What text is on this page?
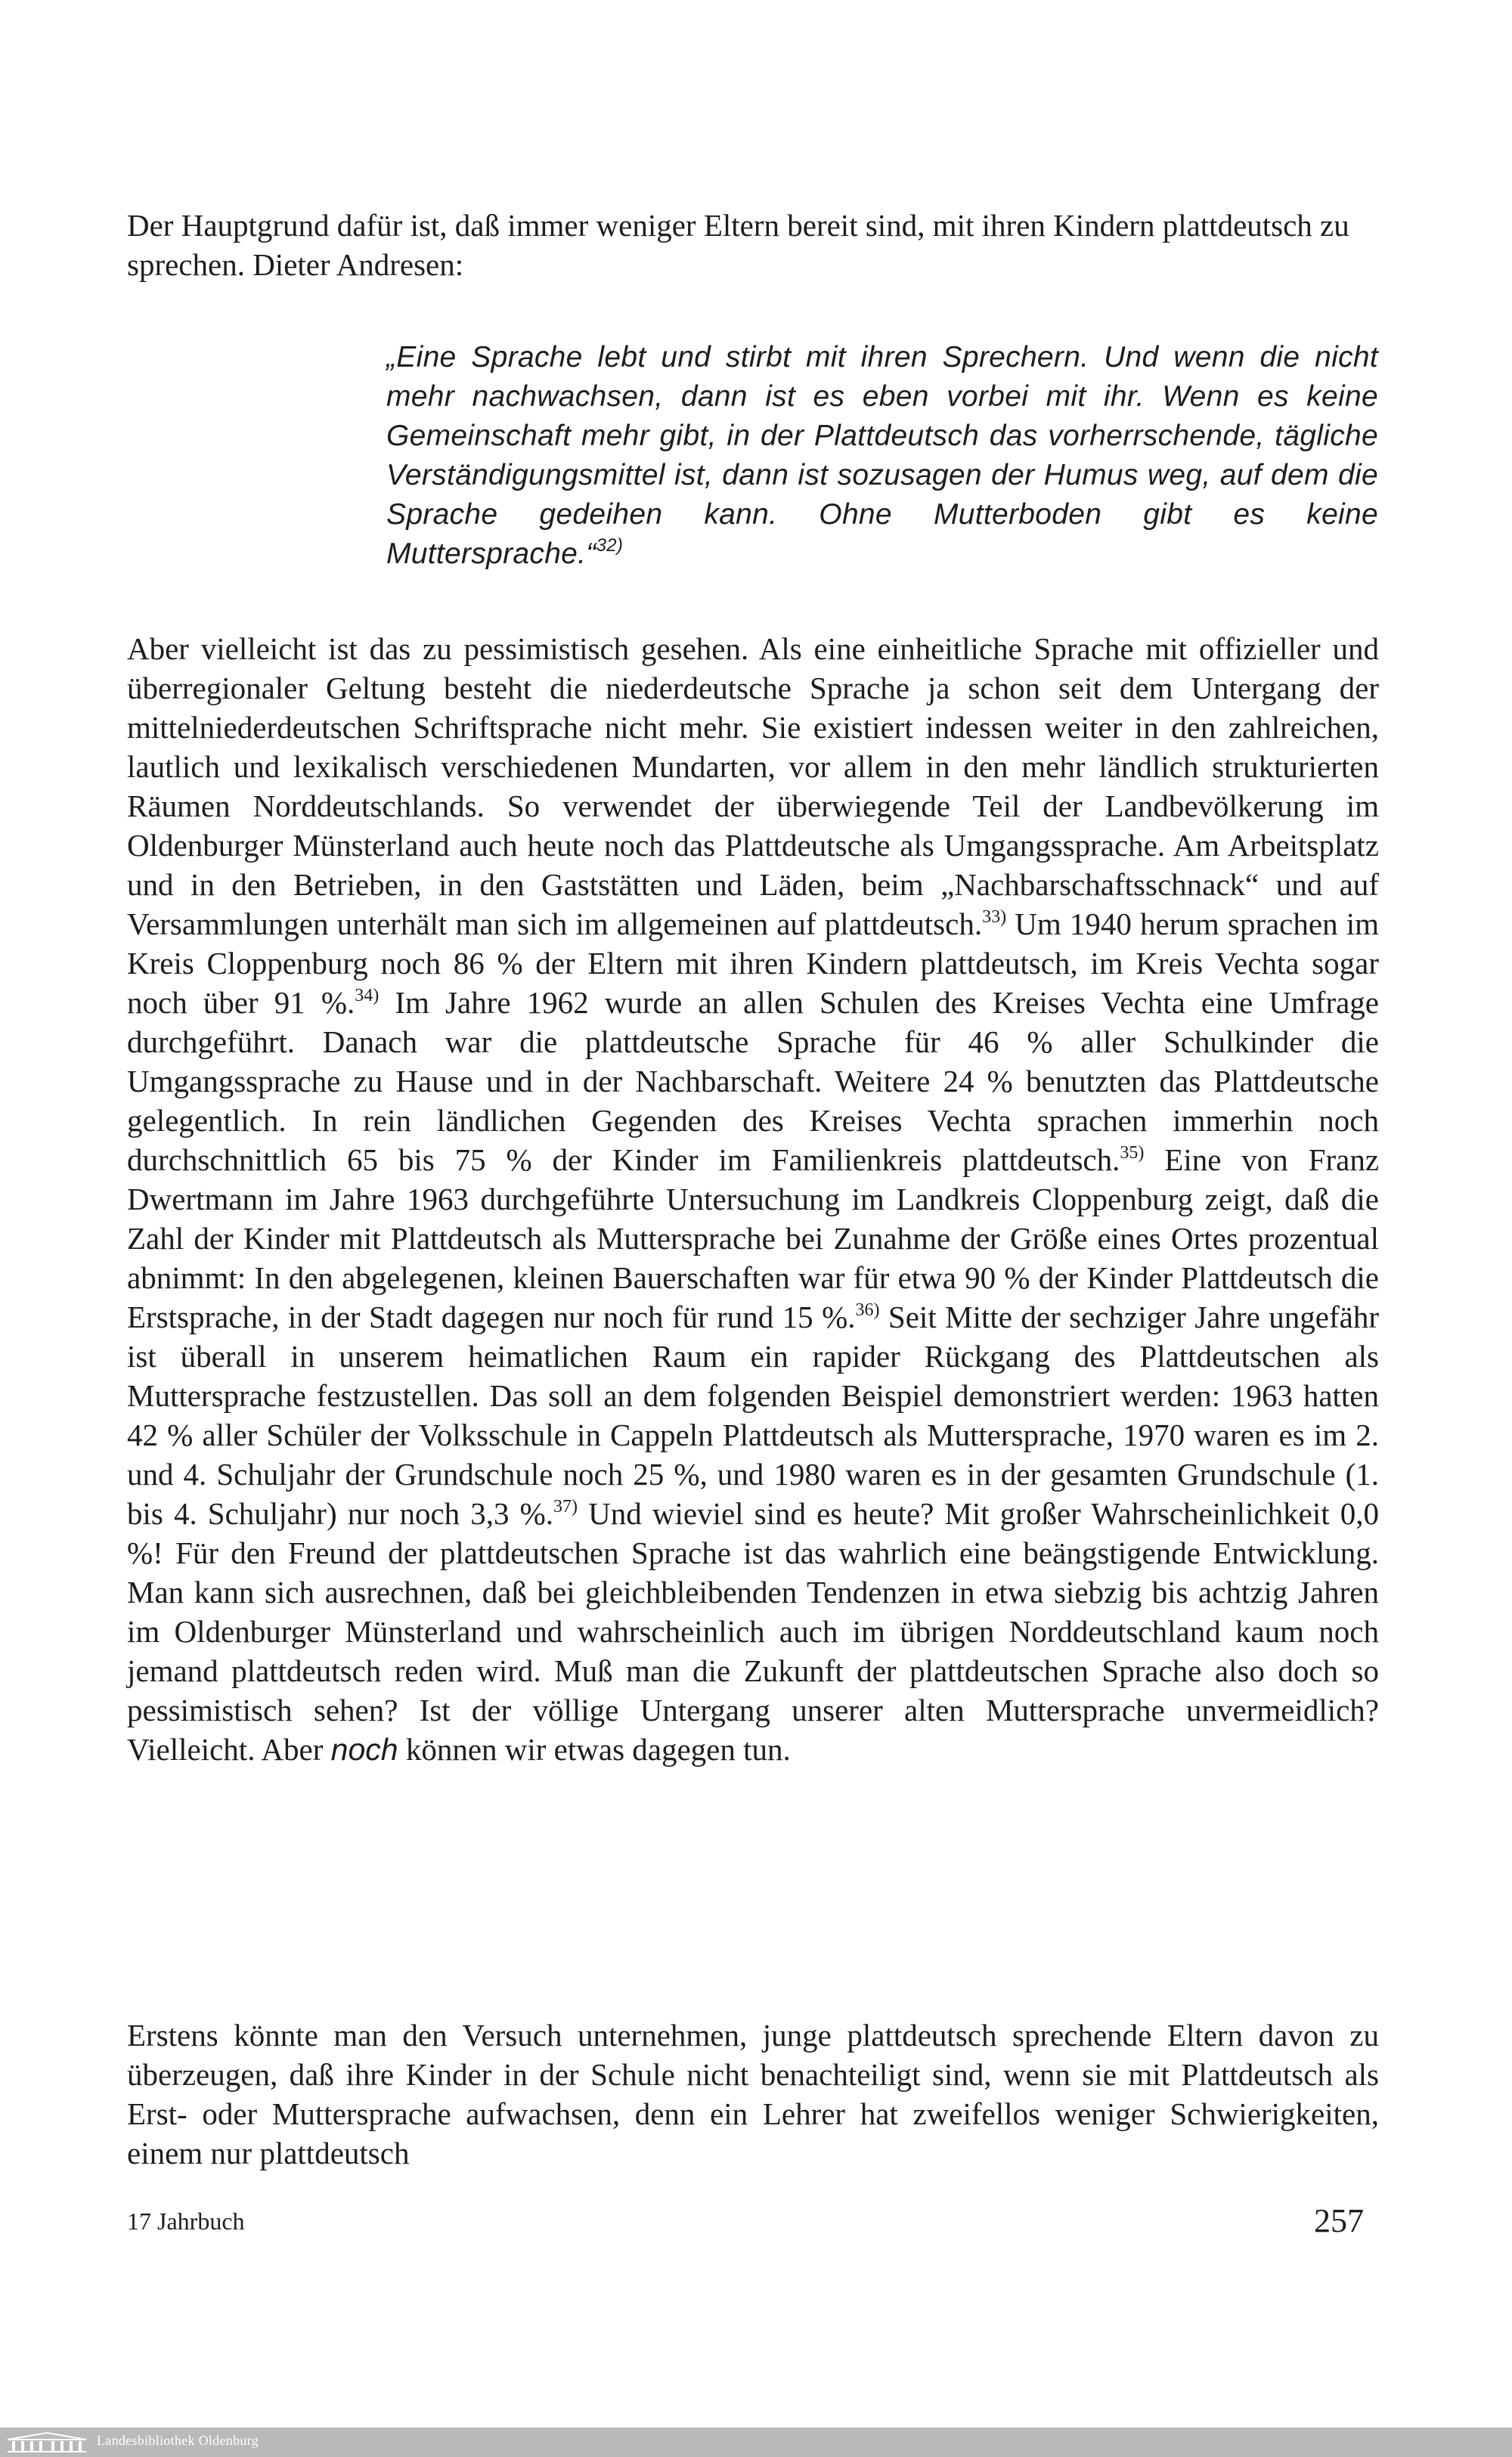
Der Hauptgrund dafür ist, daß immer weniger Eltern bereit sind, mit ihren Kindern plattdeutsch zu sprechen. Dieter Andresen:

„Eine Sprache lebt und stirbt mit ihren Sprechern. Und wenn die nicht mehr nachwachsen, dann ist es eben vorbei mit ihr. Wenn es keine Gemeinschaft mehr gibt, in der Plattdeutsch das vorherrschende, tägliche Verständigungsmittel ist, dann ist sozusagen der Humus weg, auf dem die Sprache gedeihen kann. Ohne Mutterboden gibt es keine Muttersprache.“$^{32)}$

Aber vielleicht ist das zu pessimistisch gesehen. Als eine einheitliche Sprache mit offizieller und überregionaler Geltung besteht die niederdeutsche Sprache ja schon seit dem Untergang der mittelniederdeutschen Schriftsprache nicht mehr. Sie existiert indessen weiter in den zahlreichen, lautlich und lexikalisch verschiedenen Mundarten, vor allem in den mehr ländlich strukturierten Räumen Norddeutschlands. So verwendet der überwiegende Teil der Landbevölkerung im Oldenburger Münsterland auch heute noch das Plattdeutsche als Umgangssprache. Am Arbeitsplatz und in den Betrieben, in den Gaststätten und Läden, beim „Nachbarschaftsschnack“ und auf Versammlungen unterhält man sich im allgemeinen auf plattdeutsch.$^{33)}$ Um 1940 herum sprachen im Kreis Cloppenburg noch 86 % der Eltern mit ihren Kindern plattdeutsch, im Kreis Vechta sogar noch über 91 %.$^{34)}$ Im Jahre 1962 wurde an allen Schulen des Kreises Vechta eine Umfrage durchgeführt. Danach war die plattdeutsche Sprache für 46 % aller Schulkinder die Umgangssprache zu Hause und in der Nachbarschaft. Weitere 24 % benutzten das Plattdeutsche gelegentlich. In rein ländlichen Gegenden des Kreises Vechta sprachen immerhin noch durchschnittlich 65 bis 75 % der Kinder im Familienkreis plattdeutsch.$^{35)}$ Eine von Franz Dwertmann im Jahre 1963 durchgeführte Untersuchung im Landkreis Cloppenburg zeigt, daß die Zahl der Kinder mit Plattdeutsch als Muttersprache bei Zunahme der Größe eines Ortes prozentual abnimmt: In den abgelegenen, kleinen Bauerschaften war für etwa 90 % der Kinder Plattdeutsch die Erstsprache, in der Stadt dagegen nur noch für rund 15 %.$^{36)}$ Seit Mitte der sechziger Jahre ungefähr ist überall in unserem heimatlichen Raum ein rapider Rückgang des Plattdeutschen als Muttersprache festzustellen. Das soll an dem folgenden Beispiel demonstriert werden: 1963 hatten 42 % aller Schüler der Volksschule in Cappeln Plattdeutsch als Muttersprache, 1970 waren es im 2. und 4. Schuljahr der Grundschule noch 25 %, und 1980 waren es in der gesamten Grundschule (1. bis 4. Schuljahr) nur noch 3,3 %.$^{37)}$ Und wieviel sind es heute? Mit großer Wahrscheinlichkeit 0,0 %! Für den Freund der plattdeutschen Sprache ist das wahrlich eine beängstigende Entwicklung. Man kann sich ausrechnen, daß bei gleichbleibenden Tendenzen in etwa siebzig bis achtzig Jahren im Oldenburger Münsterland und wahrscheinlich auch im übrigen Norddeutschland kaum noch jemand plattdeutsch reden wird. Muß man die Zukunft der plattdeutschen Sprache also doch so pessimistisch sehen? Ist der völlige Untergang unserer alten Muttersprache unvermeidlich? Vielleicht. Aber noch können wir etwas dagegen tun.

Erstens könnte man den Versuch unternehmen, junge plattdeutsch sprechende Eltern davon zu überzeugen, daß ihre Kinder in der Schule nicht benachteiligt sind, wenn sie mit Plattdeutsch als Erst- oder Muttersprache aufwachsen, denn ein Lehrer hat zweifellos weniger Schwierigkeiten, einem nur plattdeutsch

17 Jahrbuch	257

Landesbibliothek Oldenburg
